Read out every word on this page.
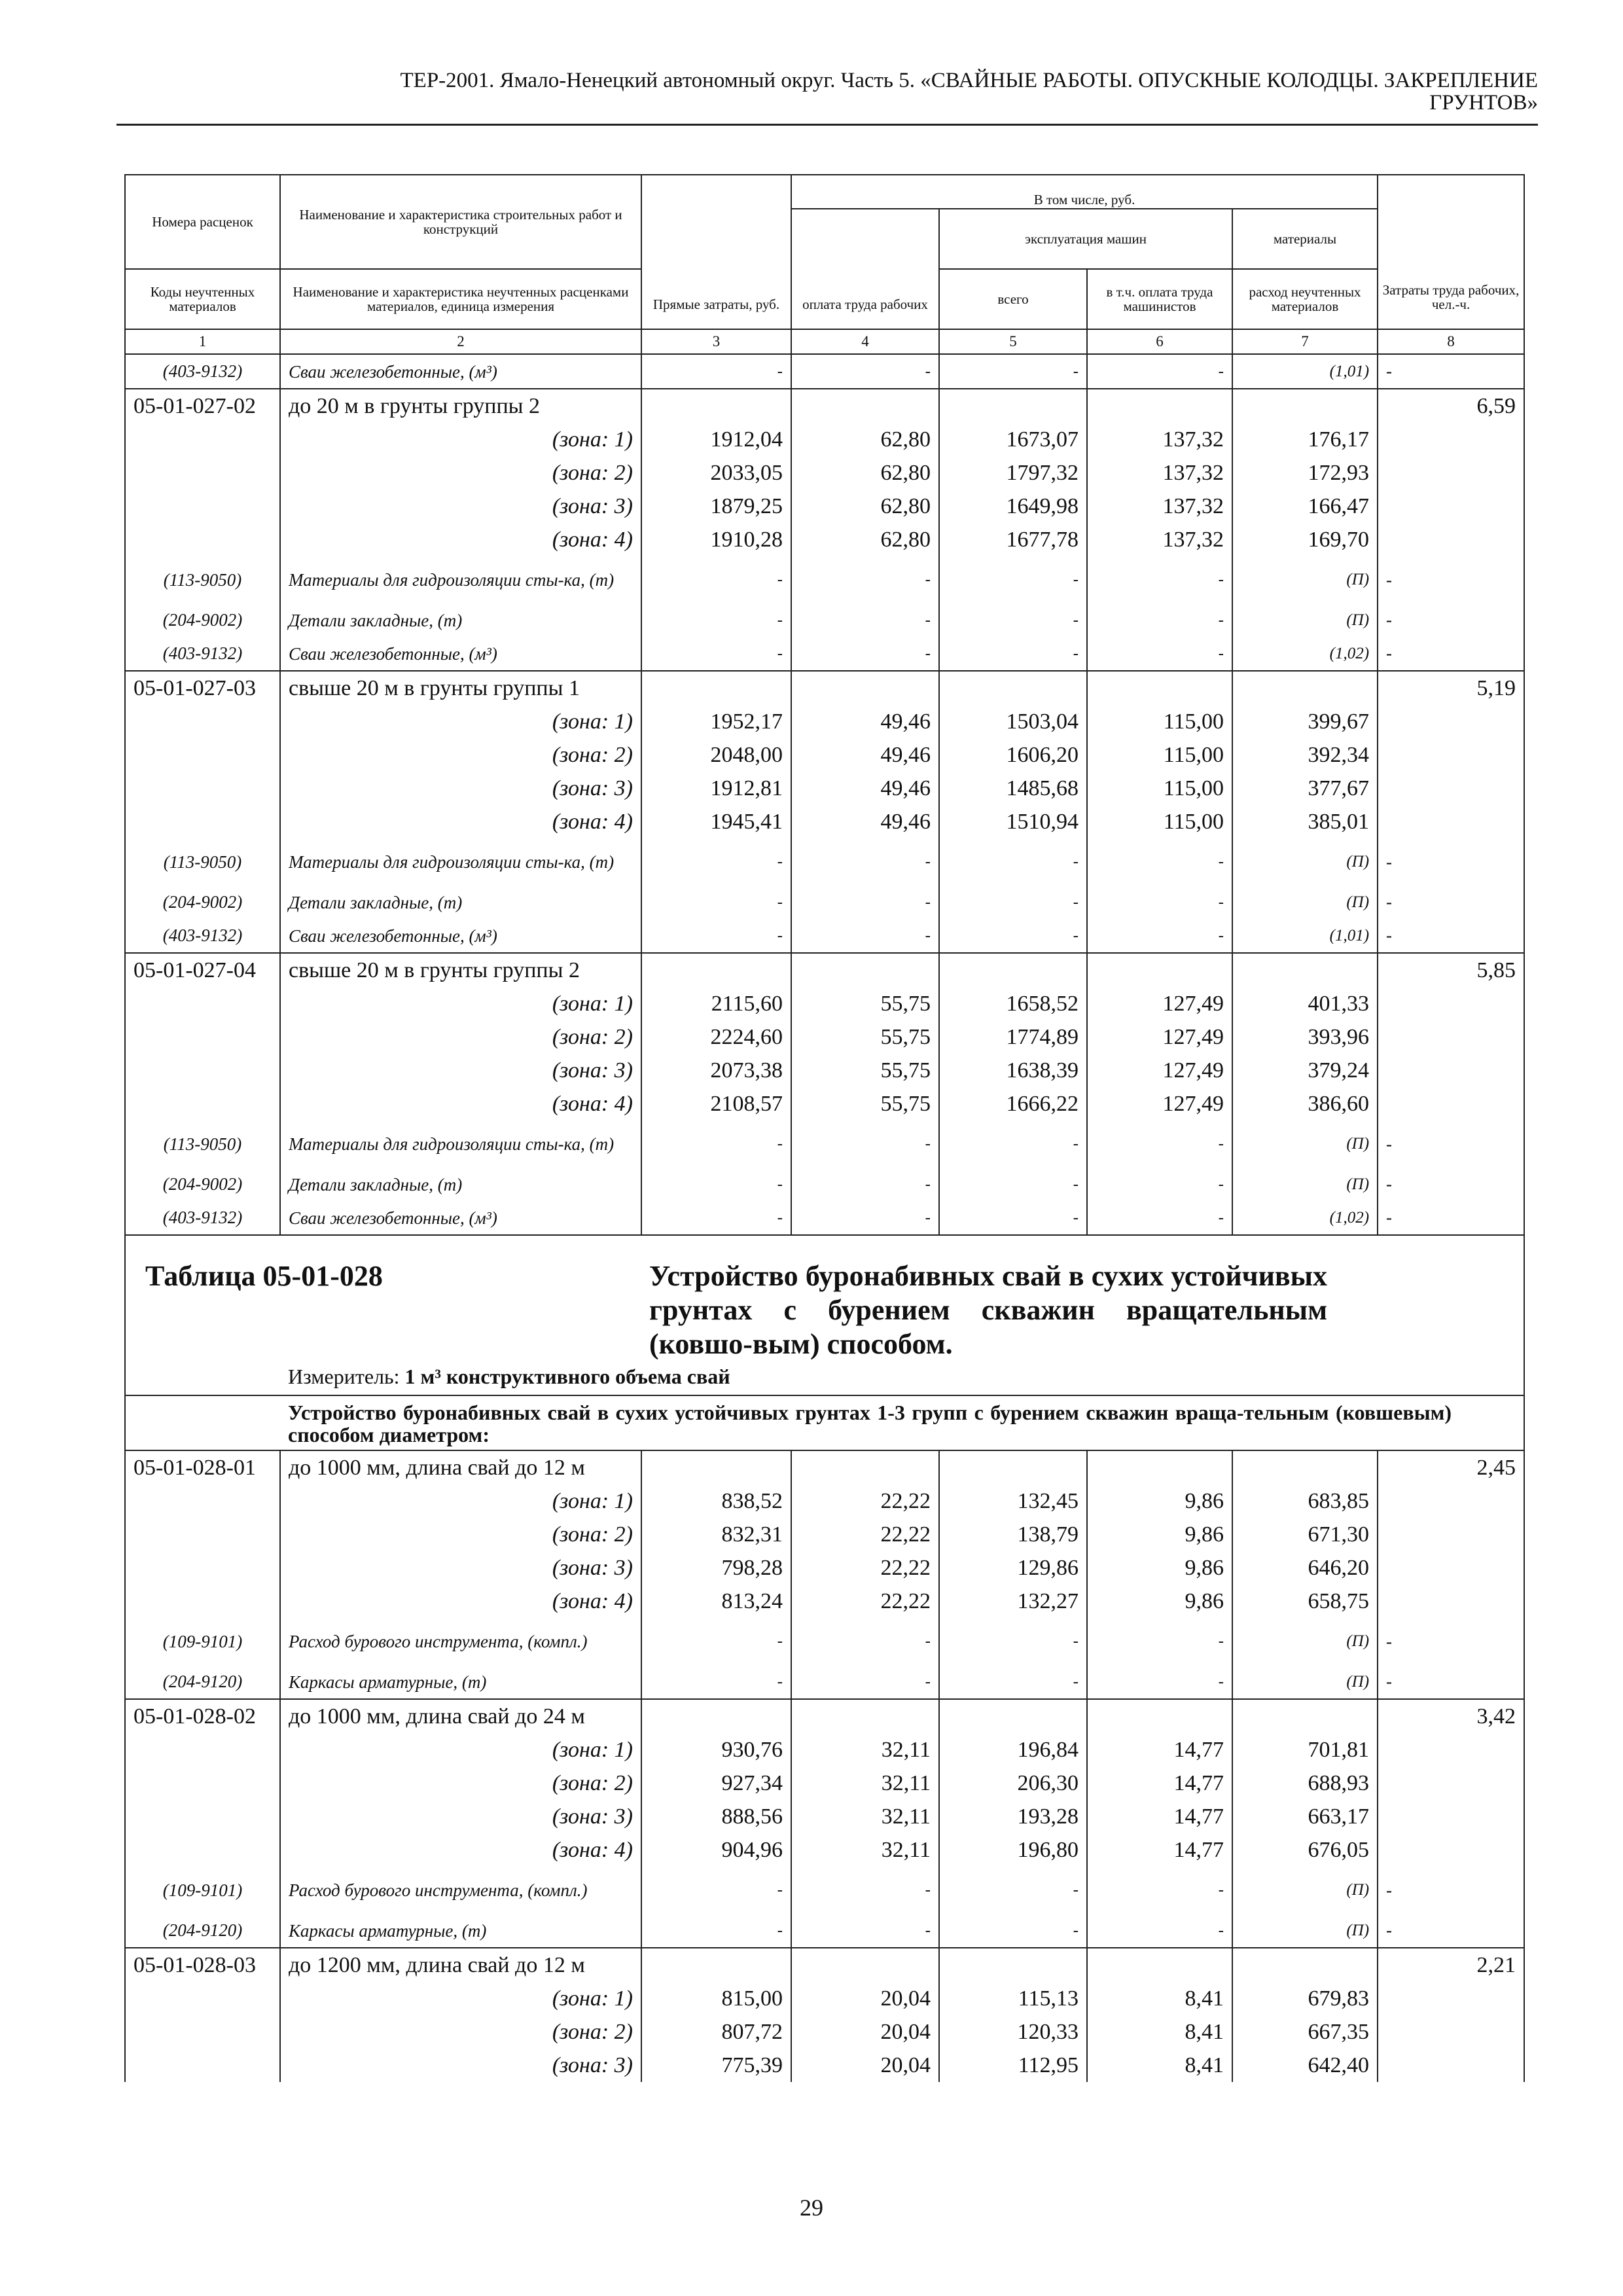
ТЕР-2001. Ямало-Ненецкий автономный округ. Часть 5. «СВАЙНЫЕ РАБОТЫ. ОПУСКНЫЕ КОЛОДЦЫ. ЗАКРЕПЛЕНИЕ
ГРУНТОВ»
Номера расценок	Наименование и характеристика строительных работ и конструкций	Прямые затраты, руб.	В том числе, руб.				Затраты труда рабочих, чел.-ч.
			оплата труда рабочих	эксплуатация машин		материалы	
Коды неучтенных материалов	Наименование и характеристика неучтенных расценками материалов, единица измерения			всего	в т.ч. оплата труда машинистов	расход неучтенных материалов	
1	2	3	4	5	6	7	8
(403-9132)	Сваи железобетонные, (м³)	-	-	-	-	(1,01)	-
05-01-027-02	до 20 м в грунты группы 2						6,59
	(зона: 1)	1912,04	62,80	1673,07	137,32	176,17	
	(зона: 2)	2033,05	62,80	1797,32	137,32	172,93	
	(зона: 3)	1879,25	62,80	1649,98	137,32	166,47	
	(зона: 4)	1910,28	62,80	1677,78	137,32	169,70	
(113-9050)	Материалы для гидроизоляции сты-ка, (т)	-	-	-	-	(П)	-
(204-9002)	Детали закладные, (т)	-	-	-	-	(П)	-
(403-9132)	Сваи железобетонные, (м³)	-	-	-	-	(1,02)	-
05-01-027-03	свыше 20 м в грунты группы 1						5,19
	(зона: 1)	1952,17	49,46	1503,04	115,00	399,67	
	(зона: 2)	2048,00	49,46	1606,20	115,00	392,34	
	(зона: 3)	1912,81	49,46	1485,68	115,00	377,67	
	(зона: 4)	1945,41	49,46	1510,94	115,00	385,01	
(113-9050)	Материалы для гидроизоляции сты-ка, (т)	-	-	-	-	(П)	-
(204-9002)	Детали закладные, (т)	-	-	-	-	(П)	-
(403-9132)	Сваи железобетонные, (м³)	-	-	-	-	(1,01)	-
05-01-027-04	свыше 20 м в грунты группы 2						5,85
	(зона: 1)	2115,60	55,75	1658,52	127,49	401,33	
	(зона: 2)	2224,60	55,75	1774,89	127,49	393,96	
	(зона: 3)	2073,38	55,75	1638,39	127,49	379,24	
	(зона: 4)	2108,57	55,75	1666,22	127,49	386,60	
(113-9050)	Материалы для гидроизоляции сты-ка, (т)	-	-	-	-	(П)	-
(204-9002)	Детали закладные, (т)	-	-	-	-	(П)	-
(403-9132)	Сваи железобетонные, (м³)	-	-	-	-	(1,02)	-
Таблица 05-01-028		Устройство буронабивных свай в сухих устойчивых грунтах с бурением скважин вращательным (ковшо-вым) способом.					
	Измеритель: 1 м³ конструктивного объема свай						
	Устройство буронабивных свай в сухих устойчивых грунтах 1-3 групп с бурением скважин враща-тельным (ковшевым) способом диаметром:						
05-01-028-01	до 1000 мм, длина свай до 12 м						2,45
	(зона: 1)	838,52	22,22	132,45	9,86	683,85	
	(зона: 2)	832,31	22,22	138,79	9,86	671,30	
	(зона: 3)	798,28	22,22	129,86	9,86	646,20	
	(зона: 4)	813,24	22,22	132,27	9,86	658,75	
(109-9101)	Расход бурового инструмента, (компл.)	-	-	-	-	(П)	-
(204-9120)	Каркасы арматурные, (т)	-	-	-	-	(П)	-
05-01-028-02	до 1000 мм, длина свай до 24 м						3,42
	(зона: 1)	930,76	32,11	196,84	14,77	701,81	
	(зона: 2)	927,34	32,11	206,30	14,77	688,93	
	(зона: 3)	888,56	32,11	193,28	14,77	663,17	
	(зона: 4)	904,96	32,11	196,80	14,77	676,05	
(109-9101)	Расход бурового инструмента, (компл.)	-	-	-	-	(П)	-
(204-9120)	Каркасы арматурные, (т)	-	-	-	-	(П)	-
05-01-028-03	до 1200 мм, длина свай до 12 м						2,21
	(зона: 1)	815,00	20,04	115,13	8,41	679,83	
	(зона: 2)	807,72	20,04	120,33	8,41	667,35	
	(зона: 3)	775,39	20,04	112,95	8,41	642,40	
29
